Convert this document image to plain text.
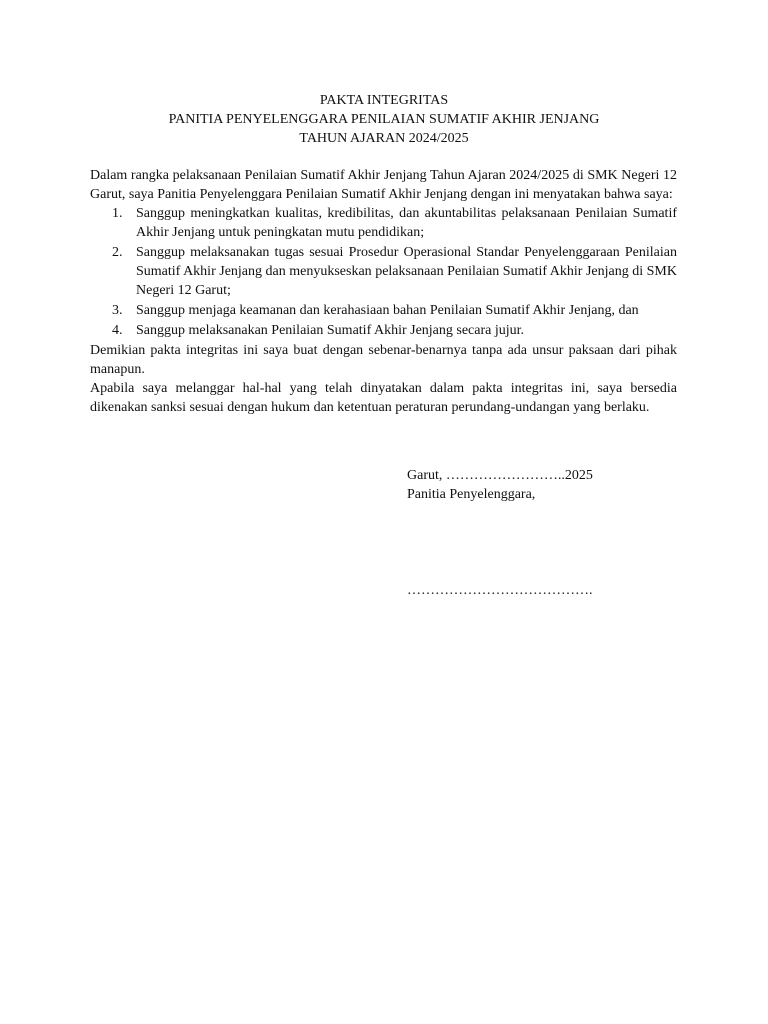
PAKTA INTEGRITAS
PANITIA PENYELENGGARA PENILAIAN SUMATIF AKHIR JENJANG
TAHUN AJARAN 2024/2025

Dalam rangka pelaksanaan Penilaian Sumatif Akhir Jenjang Tahun Ajaran 2024/2025 di SMK Negeri 12 Garut, saya Panitia Penyelenggara Penilaian Sumatif Akhir Jenjang dengan ini menyatakan bahwa saya:

1. Sanggup meningkatkan kualitas, kredibilitas, dan akuntabilitas pelaksanaan Penilaian Sumatif Akhir Jenjang untuk peningkatan mutu pendidikan;
2. Sanggup melaksanakan tugas sesuai Prosedur Operasional Standar Penyelenggaraan Penilaian Sumatif Akhir Jenjang dan menyukseskan pelaksanaan Penilaian Sumatif Akhir Jenjang di SMK Negeri 12 Garut;
3. Sanggup menjaga keamanan dan kerahasiaan bahan Penilaian Sumatif Akhir Jenjang, dan
4. Sanggup melaksanakan Penilaian Sumatif Akhir Jenjang secara jujur.

Demikian pakta integritas ini saya buat dengan sebenar-benarnya tanpa ada unsur paksaan dari pihak manapun.

Apabila saya melanggar hal-hal yang telah dinyatakan dalam pakta integritas ini, saya bersedia dikenakan sanksi sesuai dengan hukum dan ketentuan peraturan perundang-undangan yang berlaku.

Garut, ……………………..2025
Panitia Penyelenggara,
………………………………….
